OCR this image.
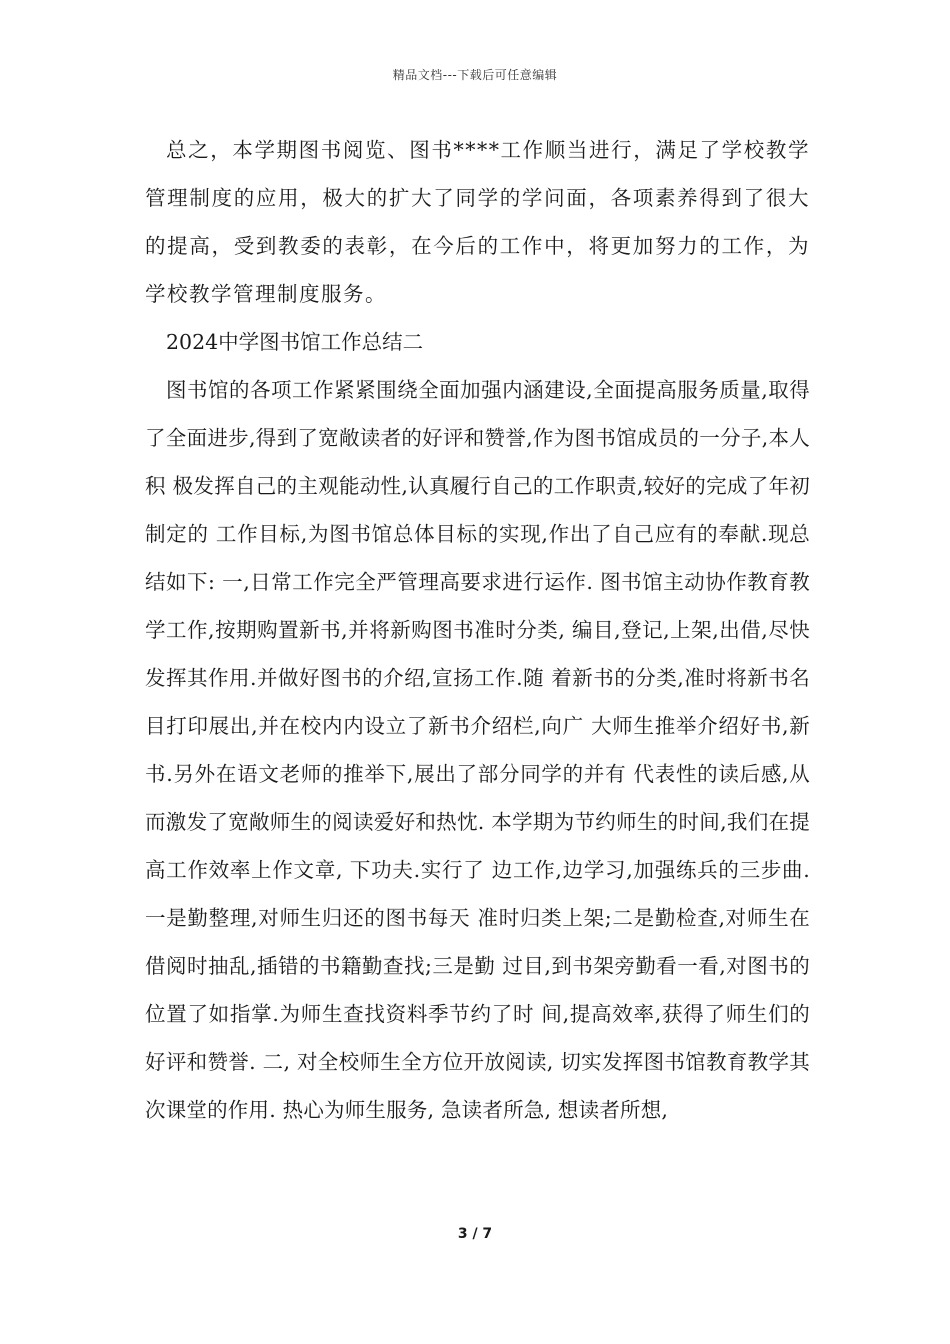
精品文档---下载后可任意编辑

总之，本学期图书阅览、图书****工作顺当进行，满足了学校教学管理制度的应用，极大的扩大了同学的学问面，各项素养得到了很大的提高，受到教委的表彰，在今后的工作中，将更加努力的工作，为学校教学管理制度服务。

2024中学图书馆工作总结二

图书馆的各项工作紧紧围绕全面加强内涵建设,全面提高服务质量,取得 了全面进步,得到了宽敞读者的好评和赞誉,作为图书馆成员的一分子,本人积 极发挥自己的主观能动性,认真履行自己的工作职责,较好的完成了年初制定的 工作目标,为图书馆总体目标的实现,作出了自己应有的奉献.现总结如下: 一,日常工作完全严管理高要求进行运作. 图书馆主动协作教育教学工作,按期购置新书,并将新购图书准时分类, 编目,登记,上架,出借,尽快发挥其作用.并做好图书的介绍,宣扬工作.随 着新书的分类,准时将新书名目打印展出,并在校内内设立了新书介绍栏,向广 大师生推举介绍好书,新书.另外在语文老师的推举下,展出了部分同学的并有 代表性的读后感,从而激发了宽敞师生的阅读爱好和热忱. 本学期为节约师生的时间,我们在提高工作效率上作文章, 下功夫.实行了 边工作,边学习,加强练兵的三步曲.一是勤整理,对师生归还的图书每天 准时归类上架;二是勤检查,对师生在借阅时抽乱,插错的书籍勤查找;三是勤 过目,到书架旁勤看一看,对图书的位置了如指掌.为师生查找资料季节约了时 间,提高效率,获得了师生们的好评和赞誉. 二, 对全校师生全方位开放阅读, 切实发挥图书馆教育教学其次课堂的作用. 热心为师生服务, 急读者所急, 想读者所想,

3 / 7
